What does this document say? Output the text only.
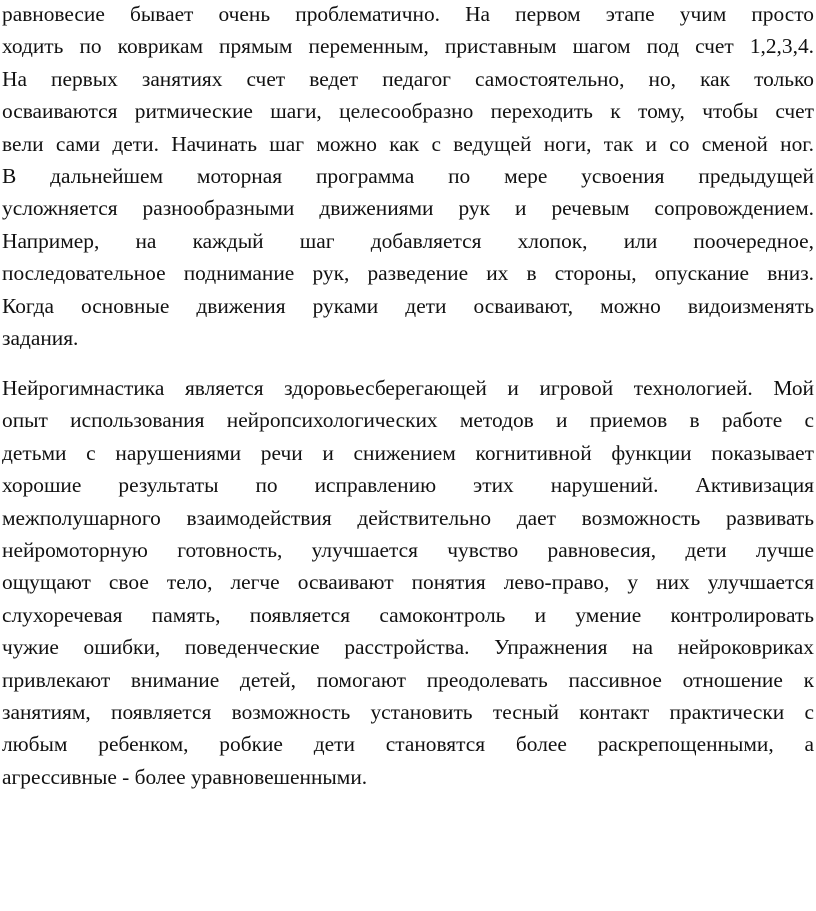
равновесие бывает очень проблематично. На первом этапе учим просто
ходить по коврикам прямым переменным, приставным шагом под счет 1,2,3,4.
На первых занятиях счет ведет педагог самостоятельно, но, как только
осваиваются ритмические шаги, целесообразно переходить к тому, чтобы счет
вели сами дети. Начинать шаг можно как с ведущей ноги, так и со сменой ног.
В дальнейшем моторная программа по мере усвоения предыдущей
усложняется разнообразными движениями рук и речевым сопровождением.
Например, на каждый шаг добавляется хлопок, или поочередное,
последовательное поднимание рук, разведение их в стороны, опускание вниз.
Когда основные движения руками дети осваивают, можно видоизменять
задания.
Нейрогимнастика является здоровьесберегающей и игровой технологией. Мой
опыт использования нейропсихологических методов и приемов в работе с
детьми с нарушениями речи и снижением когнитивной функции показывает
хорошие результаты по исправлению этих нарушений. Активизация
межполушарного взаимодействия действительно дает возможность развивать
нейромоторную готовность, улучшается чувство равновесия, дети лучше
ощущают свое тело, легче осваивают понятия лево-право, у них улучшается
слухоречевая память, появляется самоконтроль и умение контролировать
чужие ошибки, поведенческие расстройства. Упражнения на нейроковриках
привлекают внимание детей, помогают преодолевать пассивное отношение к
занятиям, появляется возможность установить тесный контакт практически с
любым ребенком, робкие дети становятся более раскрепощенными, а
агрессивные - более уравновешенными.
